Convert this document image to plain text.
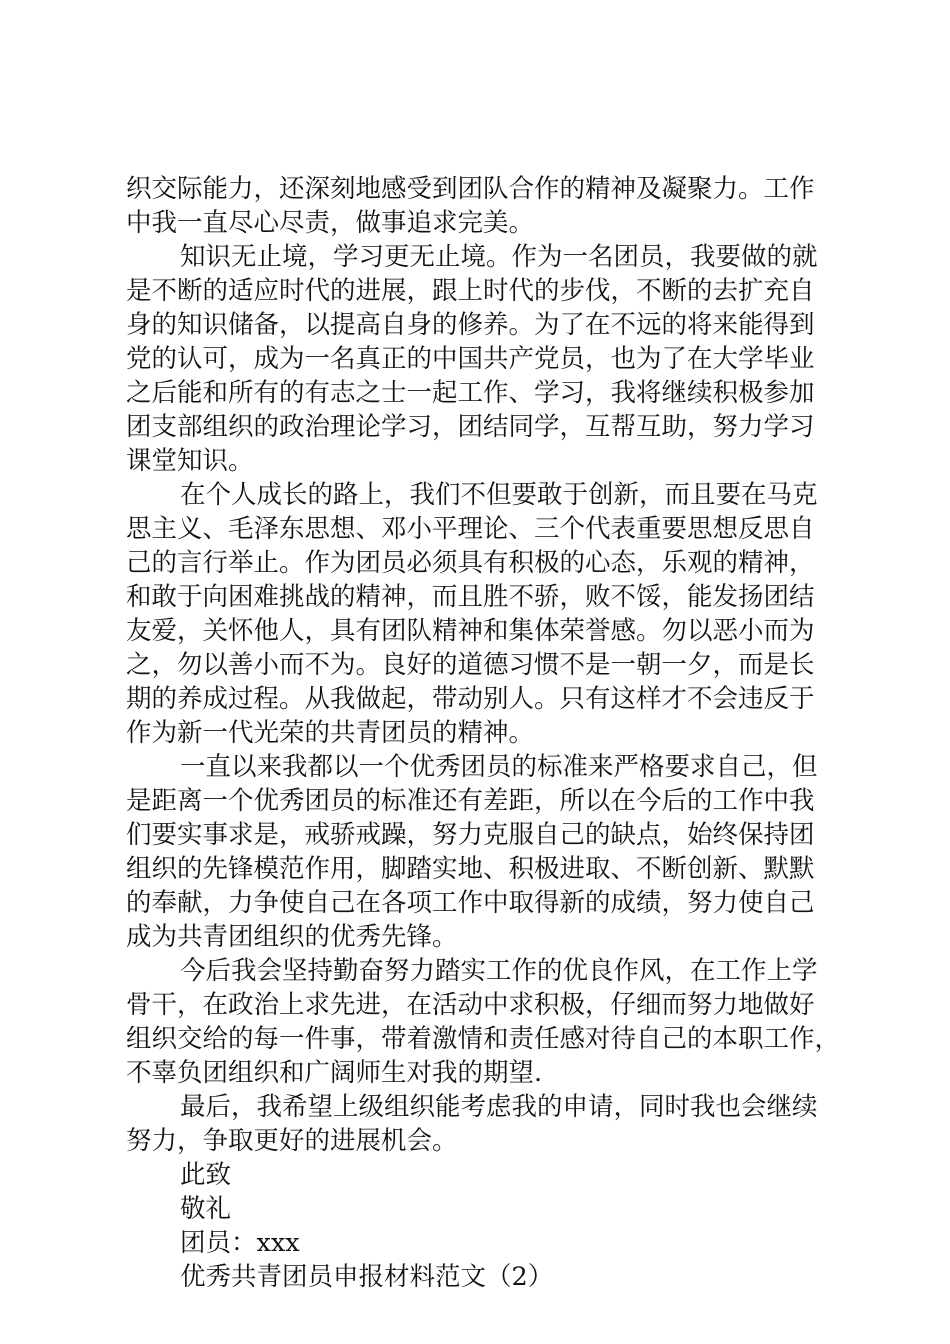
织交际能力，还深刻地感受到团队合作的精神及凝聚力。工作
中我一直尽心尽责，做事追求完美。
知识无止境，学习更无止境。作为一名团员，我要做的就
是不断的适应时代的进展，跟上时代的步伐，不断的去扩充自
身的知识储备，以提高自身的修养。为了在不远的将来能得到
党的认可，成为一名真正的中国共产党员，也为了在大学毕业
之后能和所有的有志之士一起工作、学习，我将继续积极参加
团支部组织的政治理论学习，团结同学，互帮互助，努力学习
课堂知识。
在个人成长的路上，我们不但要敢于创新，而且要在马克
思主义、毛泽东思想、邓小平理论、三个代表重要思想反思自
己的言行举止。作为团员必须具有积极的心态，乐观的精神，
和敢于向困难挑战的精神，而且胜不骄，败不馁，能发扬团结
友爱，关怀他人，具有团队精神和集体荣誉感。勿以恶小而为
之，勿以善小而不为。良好的道德习惯不是一朝一夕，而是长
期的养成过程。从我做起，带动别人。只有这样才不会违反于
作为新一代光荣的共青团员的精神。
一直以来我都以一个优秀团员的标准来严格要求自己，但
是距离一个优秀团员的标准还有差距，所以在今后的工作中我
们要实事求是，戒骄戒躁，努力克服自己的缺点，始终保持团
组织的先锋模范作用，脚踏实地、积极进取、不断创新、默默
的奉献，力争使自己在各项工作中取得新的成绩，努力使自己
成为共青团组织的优秀先锋。
今后我会坚持勤奋努力踏实工作的优良作风，在工作上学
骨干，在政治上求先进，在活动中求积极，仔细而努力地做好
组织交给的每一件事，带着激情和责任感对待自己的本职工作，
不辜负团组织和广阔师生对我的期望.
最后，我希望上级组织能考虑我的申请，同时我也会继续
努力，争取更好的进展机会。
此致
敬礼
团员：xxx
优秀共青团员申报材料范文（2）
